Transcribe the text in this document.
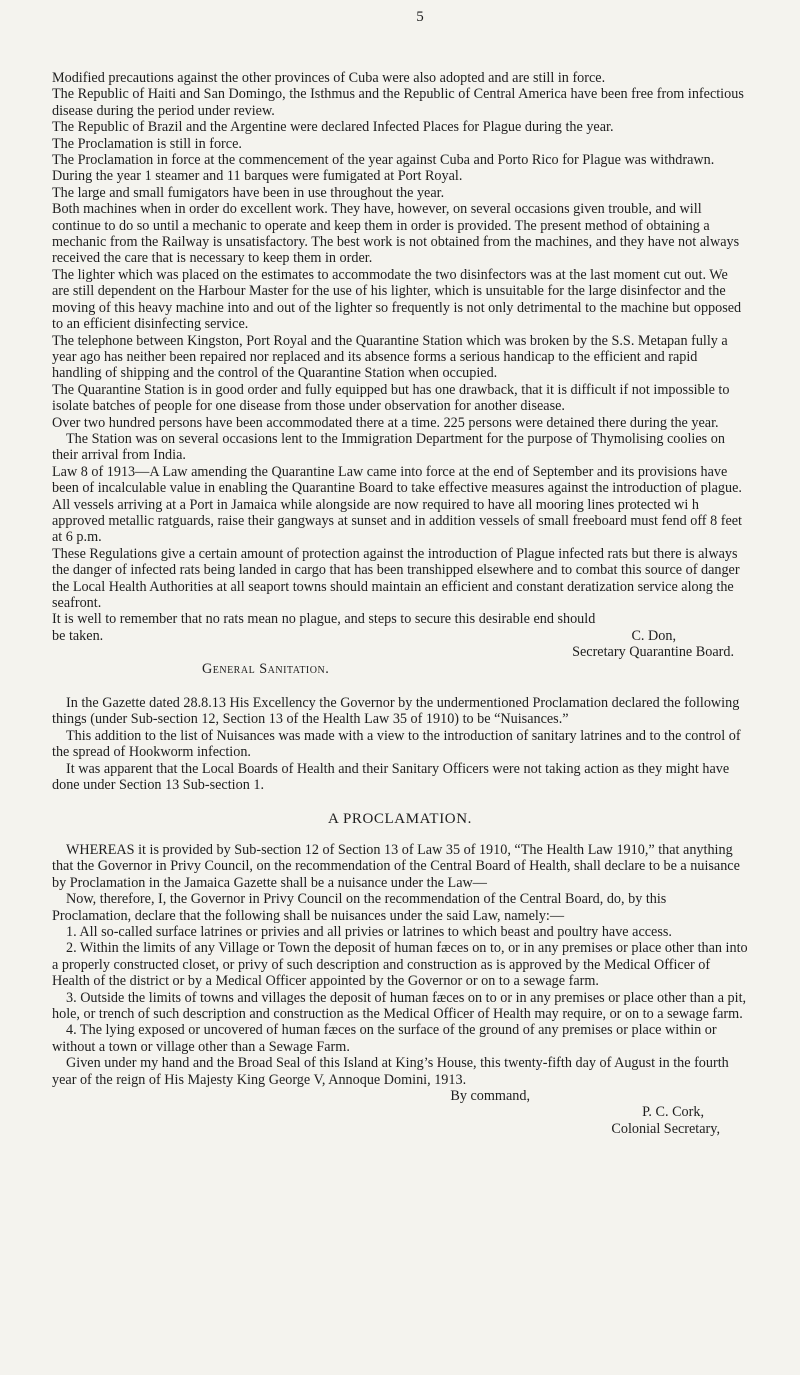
5

Modified precautions against the other provinces of Cuba were also adopted and are still in force.

The Republic of Haiti and San Domingo, the Isthmus and the Republic of Central America have been free from infectious disease during the period under review.

The Republic of Brazil and the Argentine were declared Infected Places for Plague during the year.

The Proclamation is still in force.

The Proclamation in force at the commencement of the year against Cuba and Porto Rico for Plague was withdrawn.

During the year 1 steamer and 11 barques were fumigated at Port Royal.

The large and small fumigators have been in use throughout the year.

Both machines when in order do excellent work. They have, however, on several occasions given trouble, and will continue to do so until a mechanic to operate and keep them in order is provided. The present method of obtaining a mechanic from the Railway is unsatisfactory. The best work is not obtained from the machines, and they have not always received the care that is necessary to keep them in order.

The lighter which was placed on the estimates to accommodate the two disinfectors was at the last moment cut out. We are still dependent on the Harbour Master for the use of his lighter, which is unsuitable for the large disinfector and the moving of this heavy machine into and out of the lighter so frequently is not only detrimental to the machine but opposed to an efficient disinfecting service.

The telephone between Kingston, Port Royal and the Quarantine Station which was broken by the S.S. Metapan fully a year ago has neither been repaired nor replaced and its absence forms a serious handicap to the efficient and rapid handling of shipping and the control of the Quarantine Station when occupied.

The Quarantine Station is in good order and fully equipped but has one drawback, that it is difficult if not impossible to isolate batches of people for one disease from those under observation for another disease.

Over two hundred persons have been accommodated there at a time. 225 persons were detained there during the year.

The Station was on several occasions lent to the Immigration Department for the purpose of Thymolising coolies on their arrival from India.

Law 8 of 1913—A Law amending the Quarantine Law came into force at the end of September and its provisions have been of incalculable value in enabling the Quarantine Board to take effective measures against the introduction of plague.

All vessels arriving at a Port in Jamaica while alongside are now required to have all mooring lines protected wi h approved metallic ratguards, raise their gangways at sunset and in addition vessels of small freeboard must fend off 8 feet at 6 p.m.

These Regulations give a certain amount of protection against the introduction of Plague infected rats but there is always the danger of infected rats being landed in cargo that has been transhipped elsewhere and to combat this source of danger the Local Health Authorities at all seaport towns should maintain an efficient and constant deratization service along the seafront.

It is well to remember that no rats mean no plague, and steps to secure this desirable end should

be taken.	C. Don,

Secretary Quarantine Board.

General Sanitation.

In the Gazette dated 28.8.13 His Excellency the Governor by the undermentioned Proclamation declared the following things (under Sub-section 12, Section 13 of the Health Law 35 of 1910) to be “Nuisances.”

This addition to the list of Nuisances was made with a view to the introduction of sanitary latrines and to the control of the spread of Hookworm infection.

It was apparent that the Local Boards of Health and their Sanitary Officers were not taking action as they might have done under Section 13 Sub-section 1.

A PROCLAMATION.

WHEREAS it is provided by Sub-section 12 of Section 13 of Law 35 of 1910, “The Health Law 1910,” that anything that the Governor in Privy Council, on the recommendation of the Central Board of Health, shall declare to be a nuisance by Proclamation in the Jamaica Gazette shall be a nuisance under the Law—

Now, therefore, I, the Governor in Privy Council on the recommendation of the Central Board, do, by this Proclamation, declare that the following shall be nuisances under the said Law, namely:—

1. All so-called surface latrines or privies and all privies or latrines to which beast and poultry have access.

2. Within the limits of any Village or Town the deposit of human fæces on to, or in any premises or place other than into a properly constructed closet, or privy of such description and construction as is approved by the Medical Officer of Health of the district or by a Medical Officer appointed by the Governor or on to a sewage farm.

3. Outside the limits of towns and villages the deposit of human fæces on to or in any premises or place other than a pit, hole, or trench of such description and construction as the Medical Officer of Health may require, or on to a sewage farm.

4. The lying exposed or uncovered of human fæces on the surface of the ground of any premises or place within or without a town or village other than a Sewage Farm.

Given under my hand and the Broad Seal of this Island at King’s House, this twenty-fifth day of August in the fourth year of the reign of His Majesty King George V, Annoque Domini, 1913.

By command,

P. C. Cork,

Colonial Secretary,
